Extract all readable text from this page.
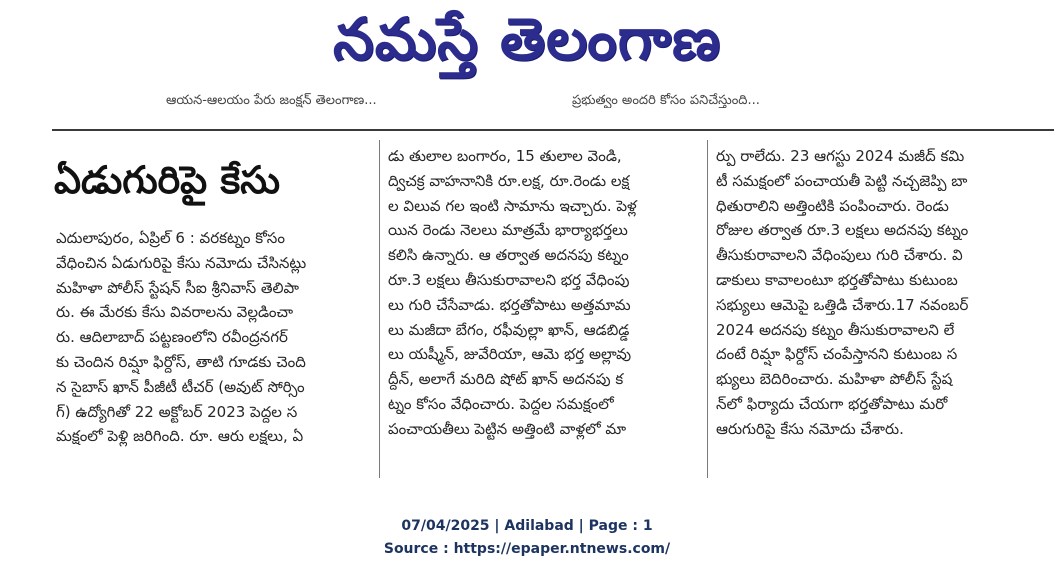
నమస్తే తెలంగాణ
ఆయన-ఆలయం పేరు జంక్షన్ తెలంగాణ...	ప్రభుత్వం అందరి కోసం పనిచేస్తుంది...
ఏడుగురిపై కేసు
ఎదులాపురం, ఏప్రిల్ 6 : వరకట్నం కోసం
వేధించిన ఏడుగురిపై కేసు నమోదు చేసినట్లు
మహిళా పోలీస్ స్టేషన్ సీఐ శ్రీనివాస్ తెలిపా
రు. ఈ మేరకు కేసు వివరాలను వెల్లడించా
రు. ఆదిలాబాద్ పట్టణంలోని రవీంద్రనగర్
కు చెందిన రిమ్షా ఫిర్దోస్, తాటి గూడకు చెంది
న సైబాస్ ఖాన్ పీజీటీ టీచర్ (అవుట్ సోర్సిం
గ్) ఉద్యోగితో 22 అక్టోబర్ 2023 పెద్దల స
మక్షంలో పెళ్లి జరిగింది. రూ. ఆరు లక్షలు, ఏ
డు తులాల బంగారం, 15 తులాల వెండి,
ద్విచక్ర వాహనానికి రూ.లక్ష, రూ.రెండు లక్ష
ల విలువ గల ఇంటి సామాను ఇచ్చారు. పెళ్ల
యిన రెండు నెలలు మాత్రమే భార్యాభర్తలు
కలిసి ఉన్నారు. ఆ తర్వాత అదనపు కట్నం
రూ.3 లక్షలు తీసుకురావాలని భర్త వేధింపు
లు గురి చేసేవాడు. భర్తతోపాటు అత్తమామ
లు మజీదా బేగం, రఫీవుల్లా ఖాన్, ఆడబిడ్డ
లు యష్మీన్, జువేరియా, ఆమె భర్త అల్లావు
ద్దీన్, అలాగే మరిది షోట్ ఖాన్ అదనపు క
ట్నం కోసం వేధించారు. పెద్దల సమక్షంలో
పంచాయతీలు పెట్టిన అత్తింటి వాళ్లలో మా
ర్పు రాలేదు. 23 ఆగస్టు 2024 మజీద్ కమి
టీ సమక్షంలో పంచాయతీ పెట్టి నచ్చజెప్పి బా
ధితురాలిని అత్తింటికి పంపించారు. రెండు
రోజుల తర్వాత రూ.3 లక్షలు అదనపు కట్నం
తీసుకురావాలని వేధింపులు గురి చేశారు. వి
డాకులు కావాలంటూ భర్తతోపాటు కుటుంబ
సభ్యులు ఆమెపై ఒత్తిడి చేశారు.17 నవంబర్
2024 అదనపు కట్నం తీసుకురావాలని లే
దంటే రిమ్షా ఫిర్దోస్ చంపేస్తానని కుటుంబ స
భ్యులు బెదిరించారు. మహిళా పోలీస్ స్టేష
న్‌లో ఫిర్యాదు చేయగా భర్తతోపాటు మరో
ఆరుగురిపై కేసు నమోదు చేశారు.
07/04/2025 | Adilabad | Page : 1
Source : https://epaper.ntnews.com/
